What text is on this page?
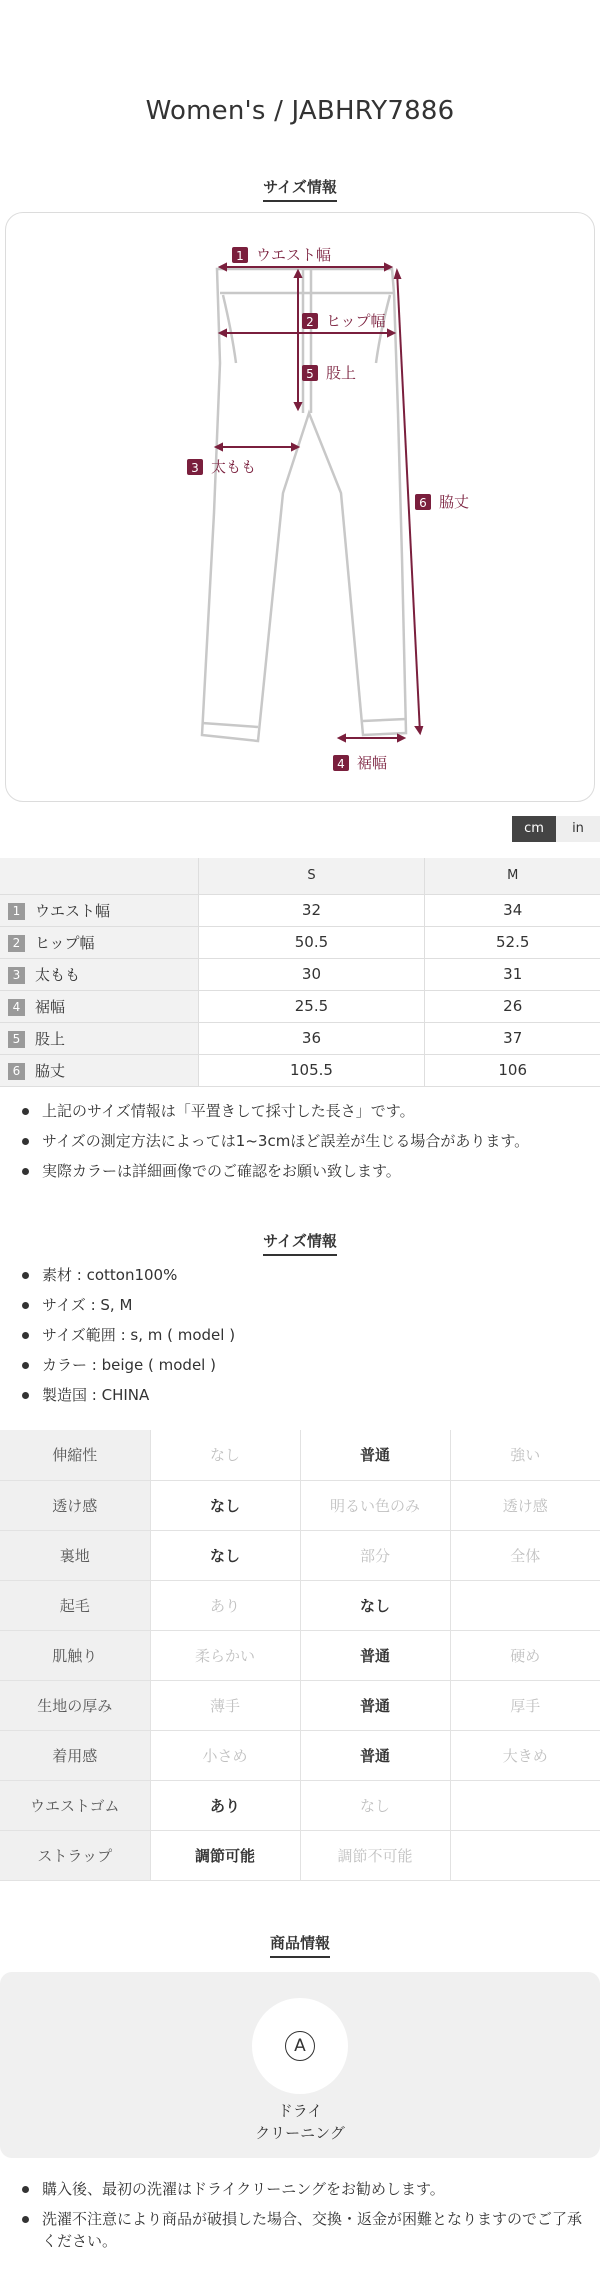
Women's / JABHRY7886
サイズ情報
1 ウエスト幅
2 ヒップ幅
5 股上
3 太もも
6 脇丈
4 裾幅
cm	in
	S	M
1 ウエスト幅	32	34
2 ヒップ幅	50.5	52.5
3 太もも	30	31
4 裾幅	25.5	26
5 股上	36	37
6 脇丈	105.5	106
上記のサイズ情報は「平置きして採寸した長さ」です。
サイズの測定方法によっては1~3cmほど誤差が生じる場合があります。
実際カラーは詳細画像でのご確認をお願い致します。
サイズ情報
素材 : cotton100%
サイズ : S, M
サイズ範囲 : s, m ( model )
カラー : beige ( model )
製造国 : CHINA
伸縮性	なし	普通	強い
透け感	なし	明るい色のみ	透け感
裏地	なし	部分	全体
起毛	あり	なし	
肌触り	柔らかい	普通	硬め
生地の厚み	薄手	普通	厚手
着用感	小さめ	普通	大きめ
ウエストゴム	あり	なし	
ストラップ	調節可能	調節不可能	
商品情報
A
ドライ
クリーニング
購入後、最初の洗濯はドライクリーニングをお勧めします。
洗濯不注意により商品が破損した場合、交換・返金が困難となりますのでご了承ください。
